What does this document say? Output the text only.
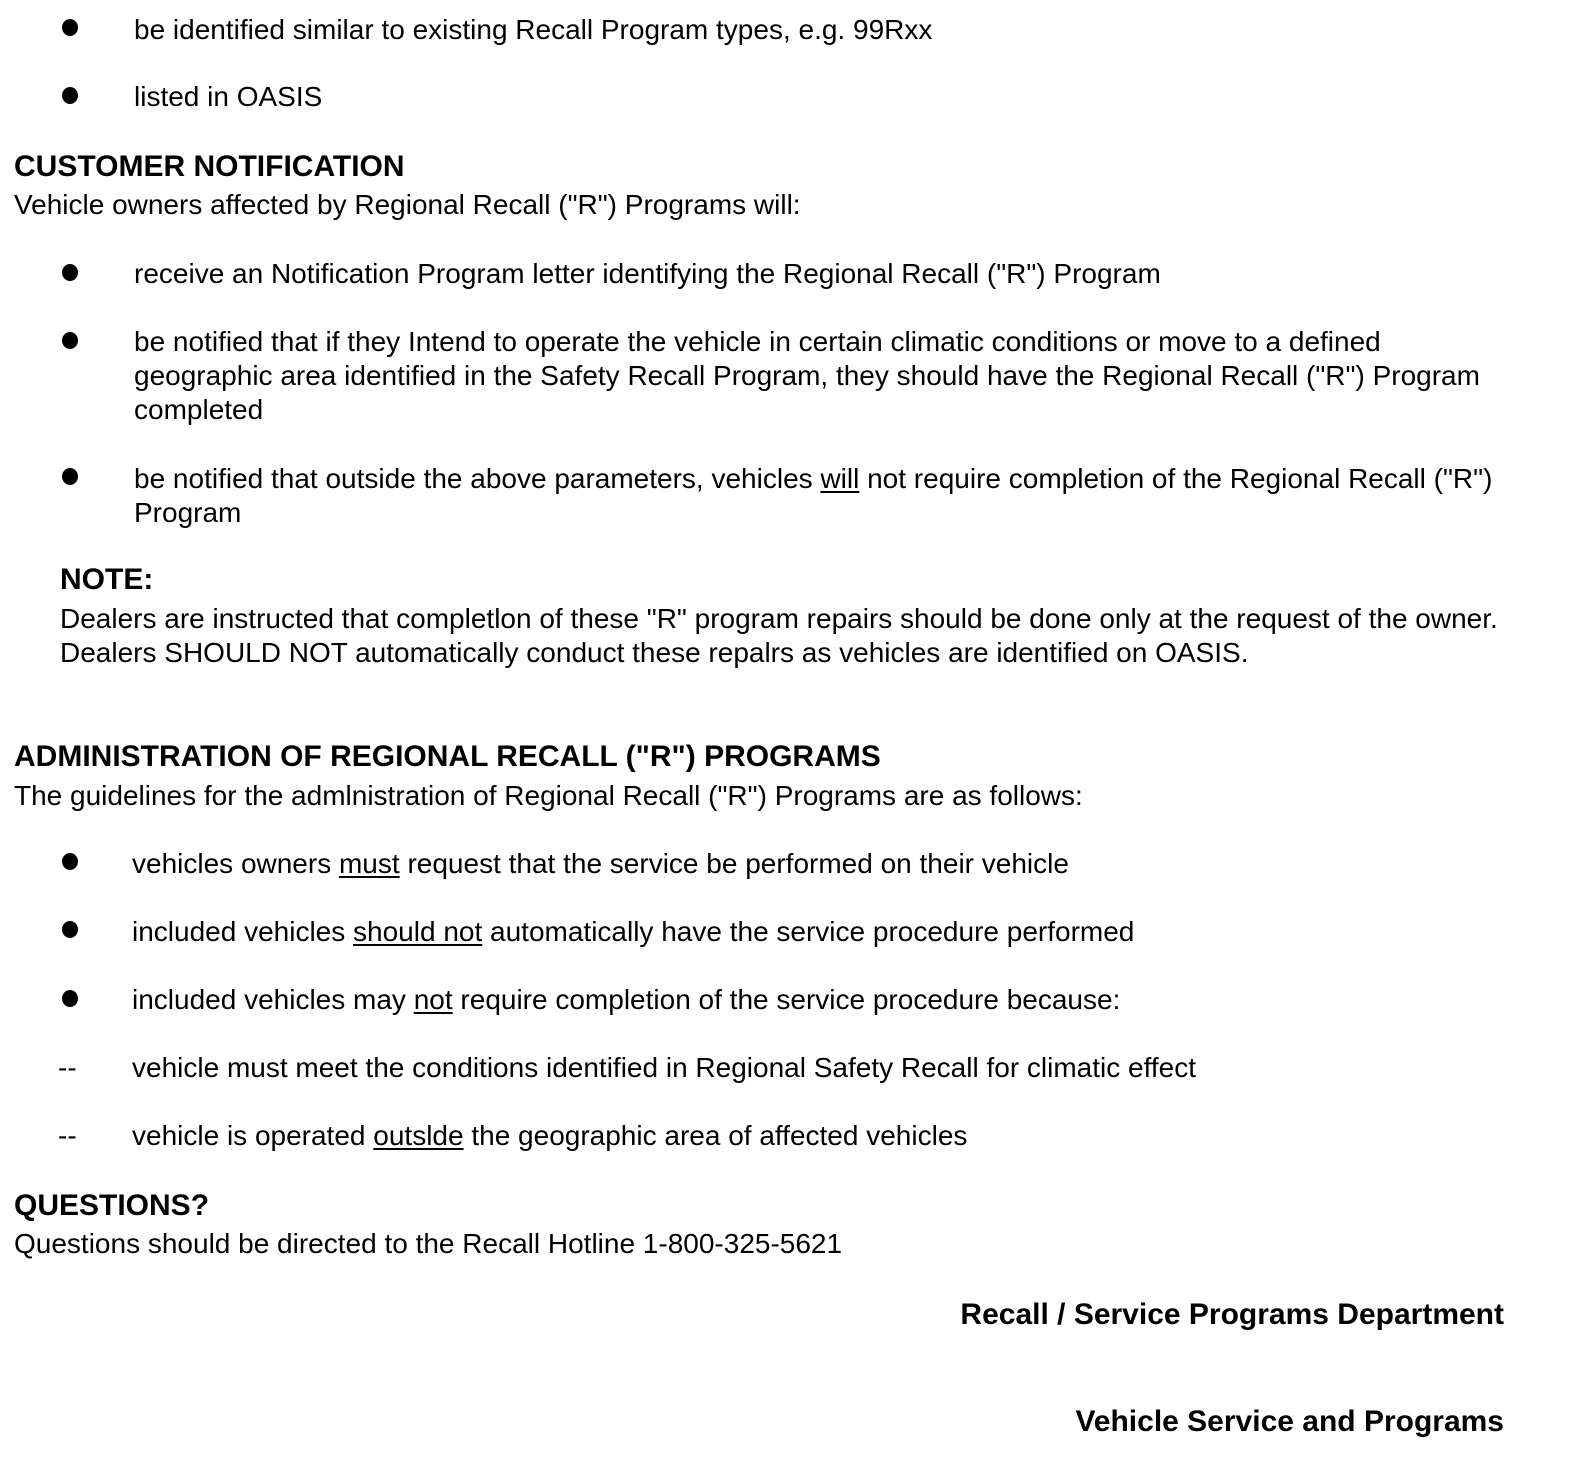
be identified similar to existing Recall Program types, e.g. 99Rxx
listed in OASIS
CUSTOMER NOTIFICATION
Vehicle owners affected by Regional Recall ("R") Programs will:
receive an Notification Program letter identifying the Regional Recall ("R") Program
be notified that if they Intend to operate the vehicle in certain climatic conditions or move to a defined geographic area identified in the Safety Recall Program, they should have the Regional Recall ("R") Program completed
be notified that outside the above parameters, vehicles will not require completion of the Regional Recall ("R") Program
NOTE:
Dealers are instructed that completlon of these "R" program repairs should be done only at the request of the owner. Dealers SHOULD NOT automatically conduct these repalrs as vehicles are identified on OASIS.
ADMINISTRATION OF REGIONAL RECALL ("R") PROGRAMS
The guidelines for the admlnistration of Regional Recall ("R") Programs are as follows:
vehicles owners must request that the service be performed on their vehicle
included vehicles should not automatically have the service procedure performed
included vehicles may not require completion of the service procedure because:
-- vehicle must meet the conditions identified in Regional Safety Recall for climatic effect
-- vehicle is operated outslde the geographic area of affected vehicles
QUESTIONS?
Questions should be directed to the Recall Hotline 1-800-325-5621
Recall / Service Programs Department
Vehicle Service and Programs
